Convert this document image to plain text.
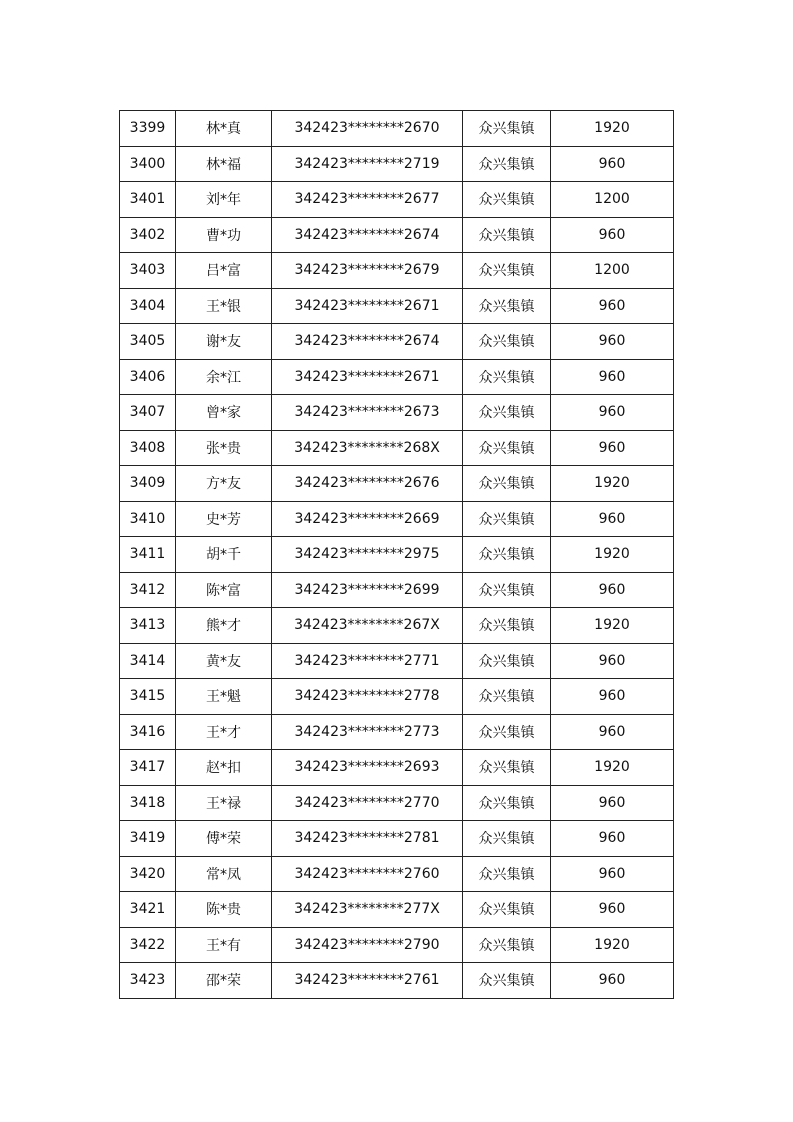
3399	林*真	342423********2670	众兴集镇	1920
3400	林*福	342423********2719	众兴集镇	960
3401	刘*年	342423********2677	众兴集镇	1200
3402	曹*功	342423********2674	众兴集镇	960
3403	吕*富	342423********2679	众兴集镇	1200
3404	王*银	342423********2671	众兴集镇	960
3405	谢*友	342423********2674	众兴集镇	960
3406	余*江	342423********2671	众兴集镇	960
3407	曾*家	342423********2673	众兴集镇	960
3408	张*贵	342423********268X	众兴集镇	960
3409	方*友	342423********2676	众兴集镇	1920
3410	史*芳	342423********2669	众兴集镇	960
3411	胡*千	342423********2975	众兴集镇	1920
3412	陈*富	342423********2699	众兴集镇	960
3413	熊*才	342423********267X	众兴集镇	1920
3414	黄*友	342423********2771	众兴集镇	960
3415	王*魁	342423********2778	众兴集镇	960
3416	王*才	342423********2773	众兴集镇	960
3417	赵*扣	342423********2693	众兴集镇	1920
3418	王*禄	342423********2770	众兴集镇	960
3419	傅*荣	342423********2781	众兴集镇	960
3420	常*凤	342423********2760	众兴集镇	960
3421	陈*贵	342423********277X	众兴集镇	960
3422	王*有	342423********2790	众兴集镇	1920
3423	邵*荣	342423********2761	众兴集镇	960
